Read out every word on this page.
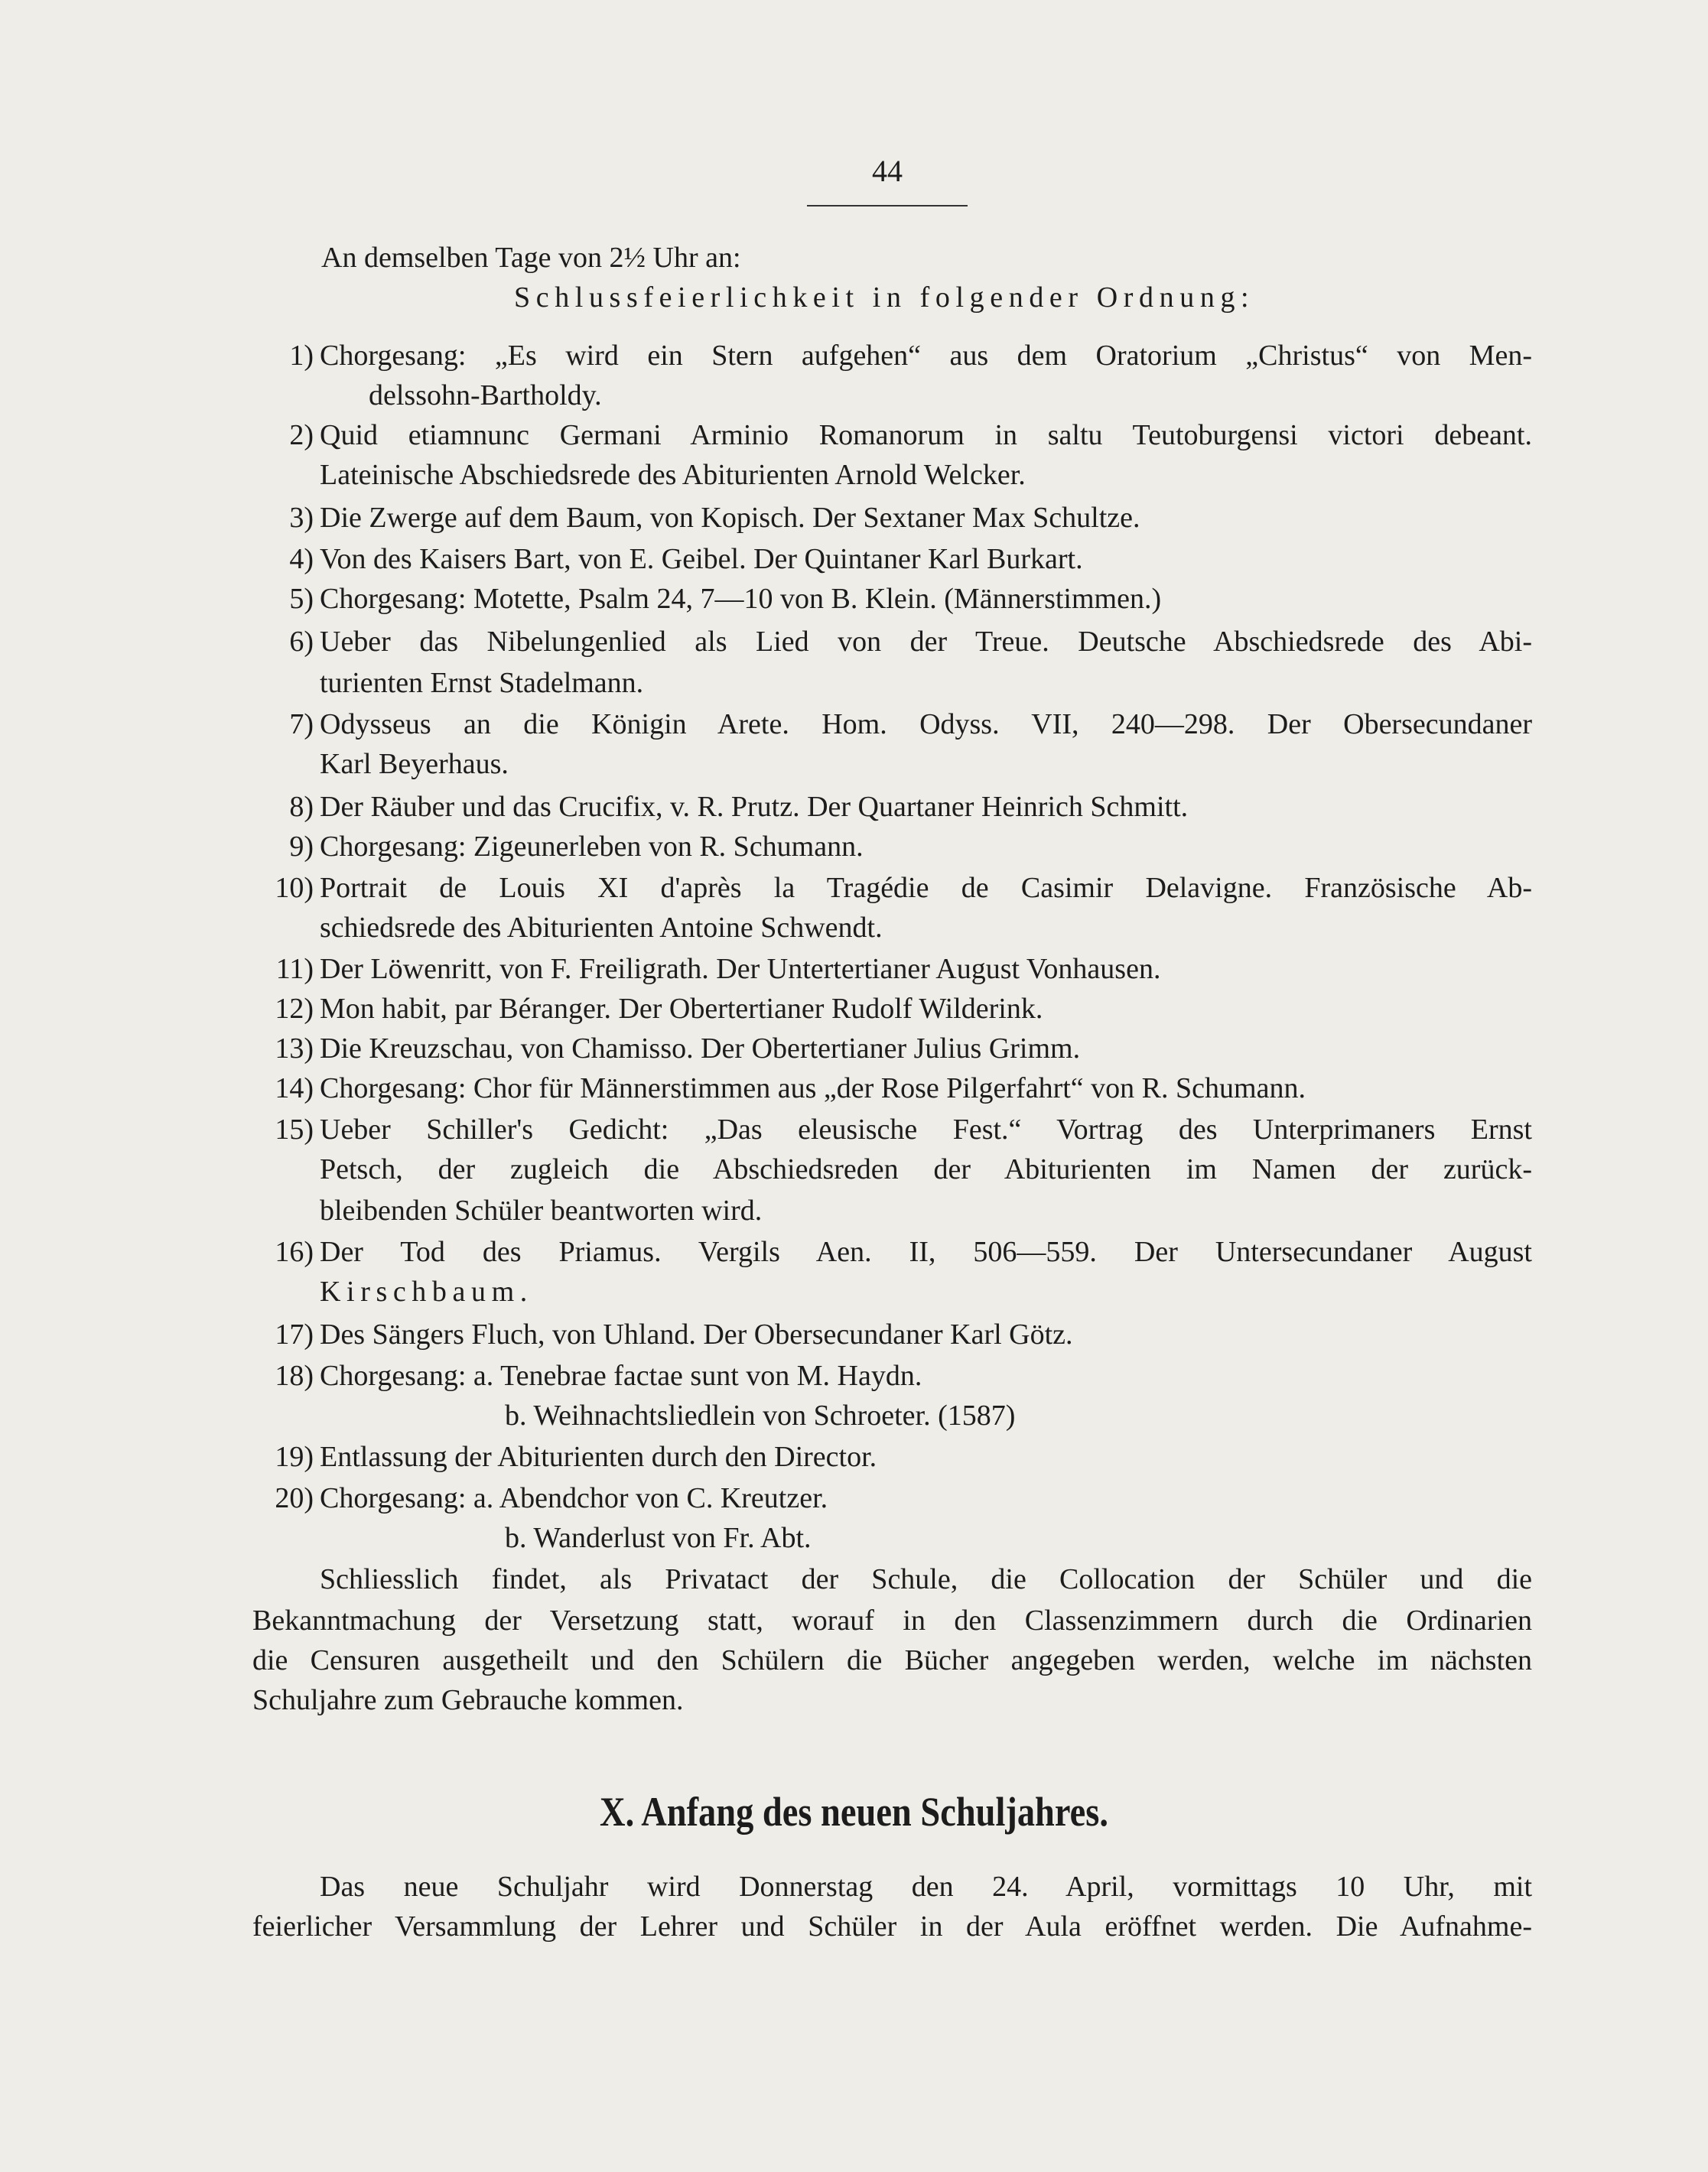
44
An demselben Tage von 2½ Uhr an:
Schlussfeierlichkeit in folgender Ordnung:
1) Chorgesang: „Es wird ein Stern aufgehen“ aus dem Oratorium „Christus“ von Men-
delssohn-Bartholdy.
2) Quid etiamnunc Germani Arminio Romanorum in saltu Teutoburgensi victori debeant.
Lateinische Abschiedsrede des Abiturienten Arnold Welcker.
3) Die Zwerge auf dem Baum, von Kopisch. Der Sextaner Max Schultze.
4) Von des Kaisers Bart, von E. Geibel. Der Quintaner Karl Burkart.
5) Chorgesang: Motette, Psalm 24, 7—10 von B. Klein. (Männerstimmen.)
6) Ueber das Nibelungenlied als Lied von der Treue. Deutsche Abschiedsrede des Abi-
turienten Ernst Stadelmann.
7) Odysseus an die Königin Arete. Hom. Odyss. VII, 240—298. Der Obersecundaner
Karl Beyerhaus.
8) Der Räuber und das Crucifix, v. R. Prutz. Der Quartaner Heinrich Schmitt.
9) Chorgesang: Zigeunerleben von R. Schumann.
10) Portrait de Louis XI d'après la Tragédie de Casimir Delavigne. Französische Ab-
schiedsrede des Abiturienten Antoine Schwendt.
11) Der Löwenritt, von F. Freiligrath. Der Untertertianer August Vonhausen.
12) Mon habit, par Béranger. Der Obertertianer Rudolf Wilderink.
13) Die Kreuzschau, von Chamisso. Der Obertertianer Julius Grimm.
14) Chorgesang: Chor für Männerstimmen aus „der Rose Pilgerfahrt“ von R. Schumann.
15) Ueber Schiller's Gedicht: „Das eleusische Fest.“ Vortrag des Unterprimaners Ernst
Petsch, der zugleich die Abschiedsreden der Abiturienten im Namen der zurück-
bleibenden Schüler beantworten wird.
16) Der Tod des Priamus. Vergils Aen. II, 506—559. Der Untersecundaner August
Kirschbaum.
17) Des Sängers Fluch, von Uhland. Der Obersecundaner Karl Götz.
18) Chorgesang: a. Tenebrae factae sunt von M. Haydn.
b. Weihnachtsliedlein von Schroeter. (1587)
19) Entlassung der Abiturienten durch den Director.
20) Chorgesang: a. Abendchor von C. Kreutzer.
b. Wanderlust von Fr. Abt.
Schliesslich findet, als Privatact der Schule, die Collocation der Schüler und die
Bekanntmachung der Versetzung statt, worauf in den Classenzimmern durch die Ordinarien
die Censuren ausgetheilt und den Schülern die Bücher angegeben werden, welche im nächsten
Schuljahre zum Gebrauche kommen.
X. Anfang des neuen Schuljahres.
Das neue Schuljahr wird Donnerstag den 24. April, vormittags 10 Uhr, mit
feierlicher Versammlung der Lehrer und Schüler in der Aula eröffnet werden. Die Aufnahme-
